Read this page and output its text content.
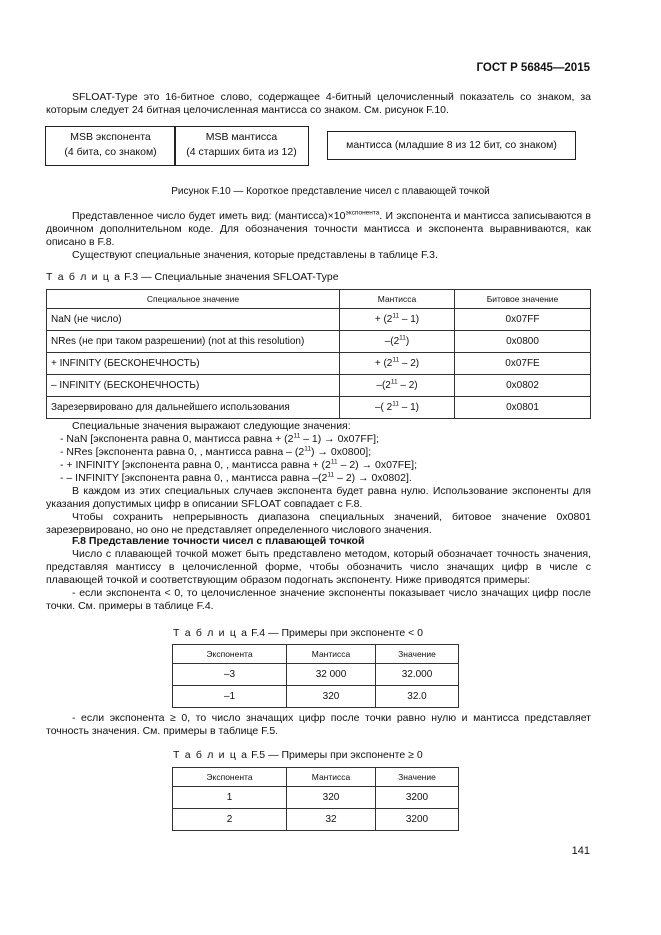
ГОСТ Р 56845—2015

SFLOAT-Type это 16-битное слово, содержащее 4-битный целочисленный показатель со знаком, за которым следует 24 битная целочисленная мантисса со знаком. См. рисунок F.10.

MSB экспонента
(4 бита, со знаком)
MSB мантисса
(4 старших бита из 12)
мантисса (младшие 8 из 12 бит, со знаком)
Рисунок F.10 — Короткое представление чисел с плавающей точкой

Представленное число будет иметь вид: $(мантисса)\times 10^{экспонента}$. И экспонента и мантисса записываются в двоичном дополнительном коде. Для обозначения точности мантисса и экспонента выравниваются, как описано в F.8.

Существуют специальные значения, которые представлены в таблице F.3.

Т а б л и ц а F.3 — Специальные значения SFLOAT-Type
Специальное значение	Мантисса	Битовое значение
NaN (не число)	+ $(2^{11} - 1)$	0x07FF
NRes (не при таком разрешении) (not at this resolution)	$-(2^{11})$	0x0800
+ INFINITY (БЕСКОНЕЧНОСТЬ)	+ $(2^{11} - 2)$	0x07FE
– INFINITY (БЕСКОНЕЧНОСТЬ)	$-(2^{11} - 2)$	0x0802
Зарезервировано для дальнейшего использования	–( $2^{11} - 1$)	0x0801

Специальные значения выражают следующие значения:

- NaN [экспонента равна 0, мантисса равна + $(2^{11} - 1) \to 0x07FF$];

- NRes [экспонента равна 0, , мантисса равна – $(2^{11}) \to 0x0800$];

- + INFINITY [экспонента равна 0, , мантисса равна + $(2^{11} - 2) \to 0x07FE$];

- – INFINITY [экспонента равна 0, , мантисса равна $-(2^{11} - 2) \to 0x0802$].

В каждом из этих специальных случаев экспонента будет равна нулю. Использование экспоненты для указания допустимых цифр в описании SFLOAT совпадает с F.8.

Чтобы сохранить непрерывность диапазона специальных значений, битовое значение 0x0801 зарезервировано, но оно не представляет определенного числового значения.

F.8 Представление точности чисел с плавающей точкой

Число с плавающей точкой может быть представлено методом, который обозначает точность значения, представляя мантиссу в целочисленной форме, чтобы обозначить число значащих цифр в числе с плавающей точкой и соответствующим образом подогнать экспоненту. Ниже приводятся примеры:

- если экспонента < 0, то целочисленное значение экспоненты показывает число значащих цифр после точки. См. примеры в таблице F.4.

Т а б л и ц а F.4 — Примеры при экспоненте < 0
Экспонента	Мантисса	Значение
–3	32 000	32.000
–1	320	32.0

- если экспонента ≥ 0, то число значащих цифр после точки равно нулю и мантисса представляет точность значения. См. примеры в таблице F.5.

Т а б л и ц а F.5 — Примеры при экспоненте ≥ 0
Экспонента	Мантисса	Значение
1	320	3200
2	32	3200
141
